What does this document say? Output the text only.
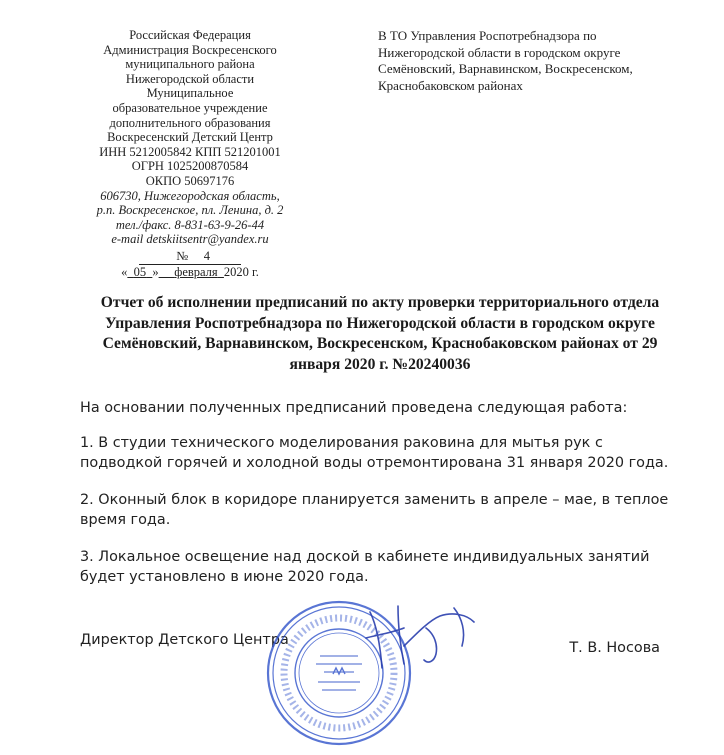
Российская Федерация
Администрация Воскресенского
муниципального района
Нижегородской области
Муниципальное
образовательное учреждение
дополнительного образования
Воскресенский Детский Центр
ИНН 5212005842 КПП 521201001
ОГРН 1025200870584
ОКПО 50697176
606730, Нижегородская область,
р.п. Воскресенское, пл. Ленина, д. 2
тел./факс. 8-831-63-9-26-44
e-mail detskiitsentr@yandex.ru
№ 4
« 05 » февраля 2020 г.
В ТО Управления Роспотребнадзора по Нижегородской области в городском округе Семёновский, Варнавинском, Воскресенском, Краснобаковском районах
Отчет об исполнении предписаний по акту проверки территориального отдела Управления Роспотребнадзора по Нижегородской области в городском округе Семёновский, Варнавинском, Воскресенском, Краснобаковском районах от 29 января 2020 г. №20240036
На основании полученных предписаний проведена следующая работа:
1. В студии технического моделирования раковина для мытья рук с подводкой горячей и холодной воды отремонтирована 31 января 2020 года.
2. Оконный блок в коридоре планируется заменить в апреле – мае, в теплое время года.
3. Локальное освещение над доской в кабинете индивидуальных занятий будет установлено в июне 2020 года.
Директор Детского Центра	Т. В. Носова
